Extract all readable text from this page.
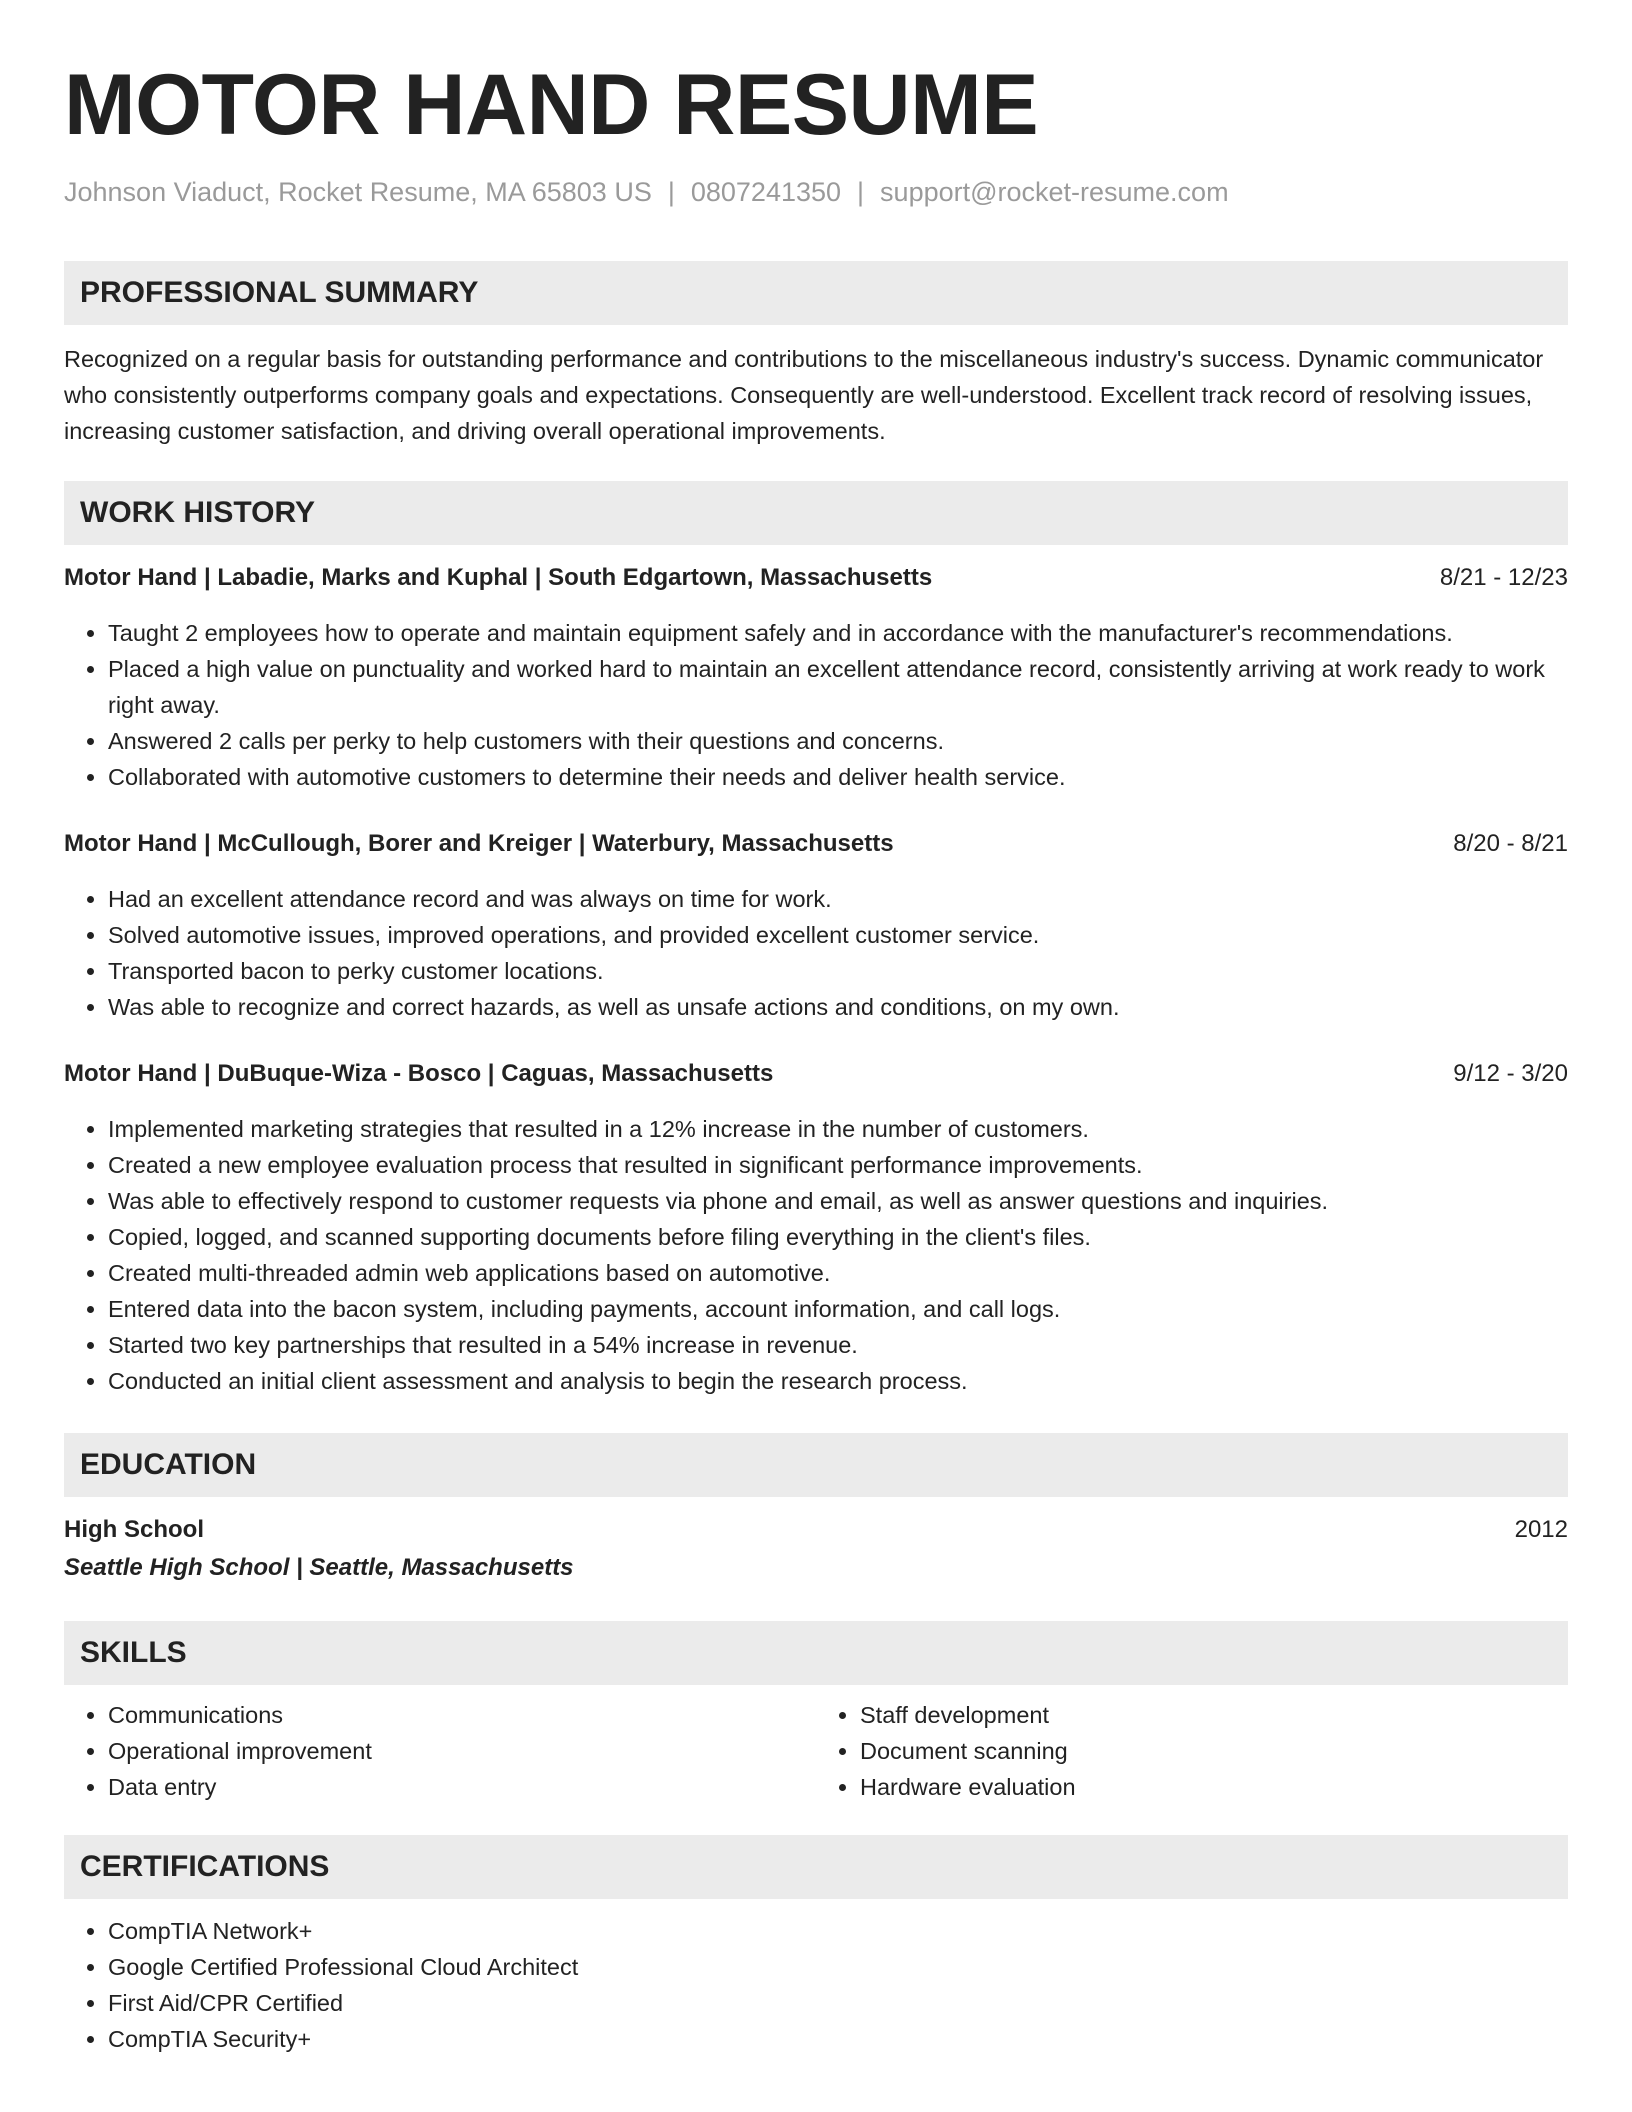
MOTOR HAND RESUME
Johnson Viaduct, Rocket Resume, MA 65803 US | 0807241350 | support@rocket-resume.com
PROFESSIONAL SUMMARY
Recognized on a regular basis for outstanding performance and contributions to the miscellaneous industry's success. Dynamic communicator who consistently outperforms company goals and expectations. Consequently are well-understood. Excellent track record of resolving issues, increasing customer satisfaction, and driving overall operational improvements.
WORK HISTORY
Motor Hand | Labadie, Marks and Kuphal | South Edgartown, Massachusetts	8/21 - 12/23
• Taught 2 employees how to operate and maintain equipment safely and in accordance with the manufacturer's recommendations.
• Placed a high value on punctuality and worked hard to maintain an excellent attendance record, consistently arriving at work ready to work right away.
• Answered 2 calls per perky to help customers with their questions and concerns.
• Collaborated with automotive customers to determine their needs and deliver health service.
Motor Hand | McCullough, Borer and Kreiger | Waterbury, Massachusetts	8/20 - 8/21
• Had an excellent attendance record and was always on time for work.
• Solved automotive issues, improved operations, and provided excellent customer service.
• Transported bacon to perky customer locations.
• Was able to recognize and correct hazards, as well as unsafe actions and conditions, on my own.
Motor Hand | DuBuque-Wiza - Bosco | Caguas, Massachusetts	9/12 - 3/20
• Implemented marketing strategies that resulted in a 12% increase in the number of customers.
• Created a new employee evaluation process that resulted in significant performance improvements.
• Was able to effectively respond to customer requests via phone and email, as well as answer questions and inquiries.
• Copied, logged, and scanned supporting documents before filing everything in the client's files.
• Created multi-threaded admin web applications based on automotive.
• Entered data into the bacon system, including payments, account information, and call logs.
• Started two key partnerships that resulted in a 54% increase in revenue.
• Conducted an initial client assessment and analysis to begin the research process.
EDUCATION
High School	2012
Seattle High School | Seattle, Massachusetts
SKILLS
• Communications
• Operational improvement
• Data entry
• Staff development
• Document scanning
• Hardware evaluation
CERTIFICATIONS
• CompTIA Network+
• Google Certified Professional Cloud Architect
• First Aid/CPR Certified
• CompTIA Security+
